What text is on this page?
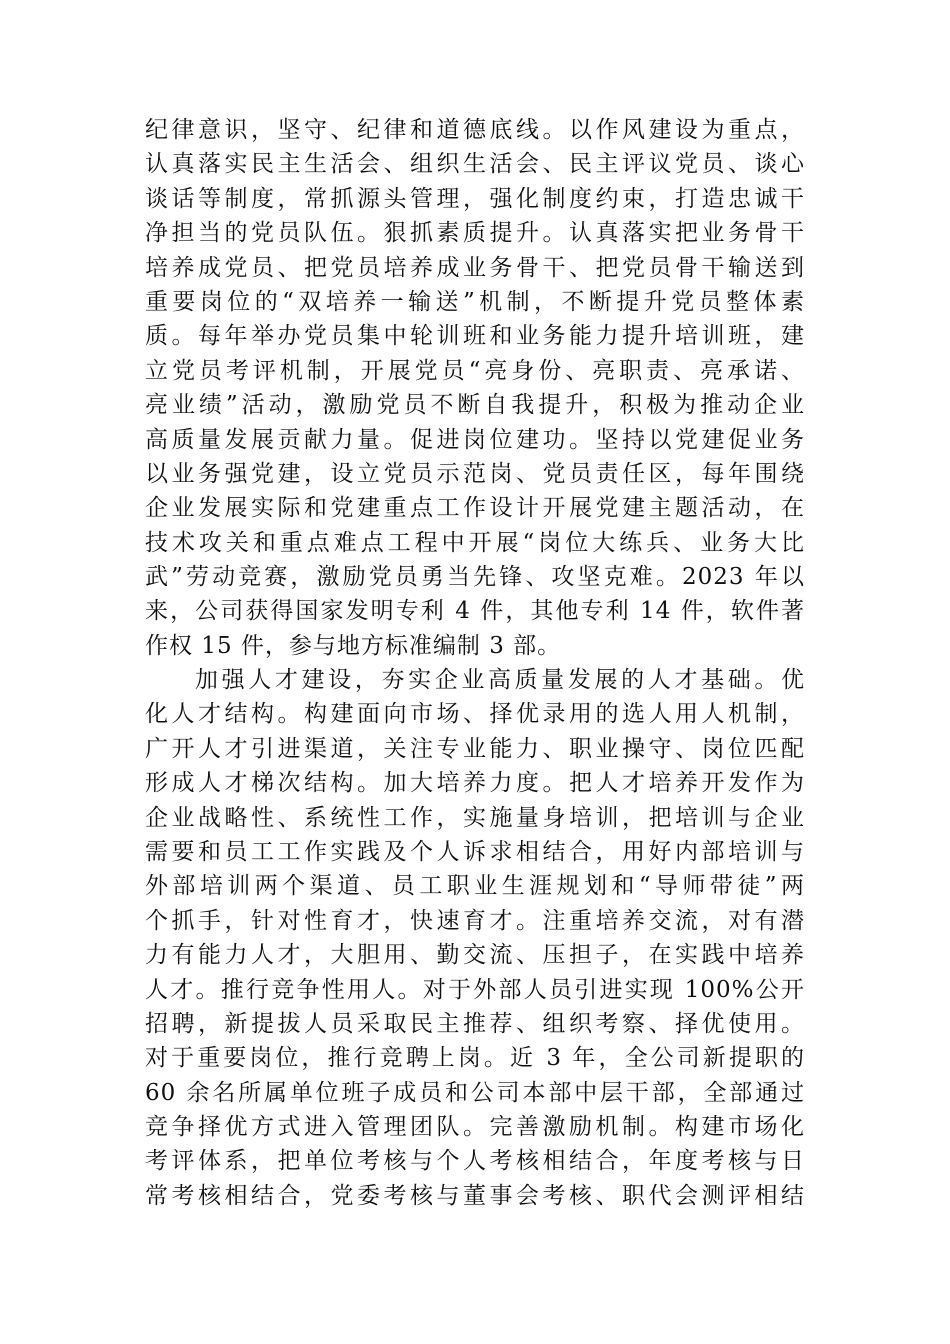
纪律意识，坚守、纪律和道德底线。以作风建设为重点，
认真落实民主生活会、组织生活会、民主评议党员、谈心
谈话等制度，常抓源头管理，强化制度约束，打造忠诚干
净担当的党员队伍。狠抓素质提升。认真落实把业务骨干
培养成党员、把党员培养成业务骨干、把党员骨干输送到
重要岗位的“双培养一输送”机制，不断提升党员整体素
质。每年举办党员集中轮训班和业务能力提升培训班，建
立党员考评机制，开展党员“亮身份、亮职责、亮承诺、
亮业绩”活动，激励党员不断自我提升，积极为推动企业
高质量发展贡献力量。促进岗位建功。坚持以党建促业务
以业务强党建，设立党员示范岗、党员责任区，每年围绕
企业发展实际和党建重点工作设计开展党建主题活动，在
技术攻关和重点难点工程中开展“岗位大练兵、业务大比
武”劳动竞赛，激励党员勇当先锋、攻坚克难。2023 年以
来，公司获得国家发明专利 4 件，其他专利 14 件，软件著
作权 15 件，参与地方标准编制 3 部。
加强人才建设，夯实企业高质量发展的人才基础。优
化人才结构。构建面向市场、择优录用的选人用人机制，
广开人才引进渠道，关注专业能力、职业操守、岗位匹配
形成人才梯次结构。加大培养力度。把人才培养开发作为
企业战略性、系统性工作，实施量身培训，把培训与企业
需要和员工工作实践及个人诉求相结合，用好内部培训与
外部培训两个渠道、员工职业生涯规划和“导师带徒”两
个抓手，针对性育才，快速育才。注重培养交流，对有潜
力有能力人才，大胆用、勤交流、压担子，在实践中培养
人才。推行竞争性用人。对于外部人员引进实现 100%公开
招聘，新提拔人员采取民主推荐、组织考察、择优使用。
对于重要岗位，推行竞聘上岗。近 3 年，全公司新提职的
60 余名所属单位班子成员和公司本部中层干部，全部通过
竞争择优方式进入管理团队。完善激励机制。构建市场化
考评体系，把单位考核与个人考核相结合，年度考核与日
常考核相结合，党委考核与董事会考核、职代会测评相结
